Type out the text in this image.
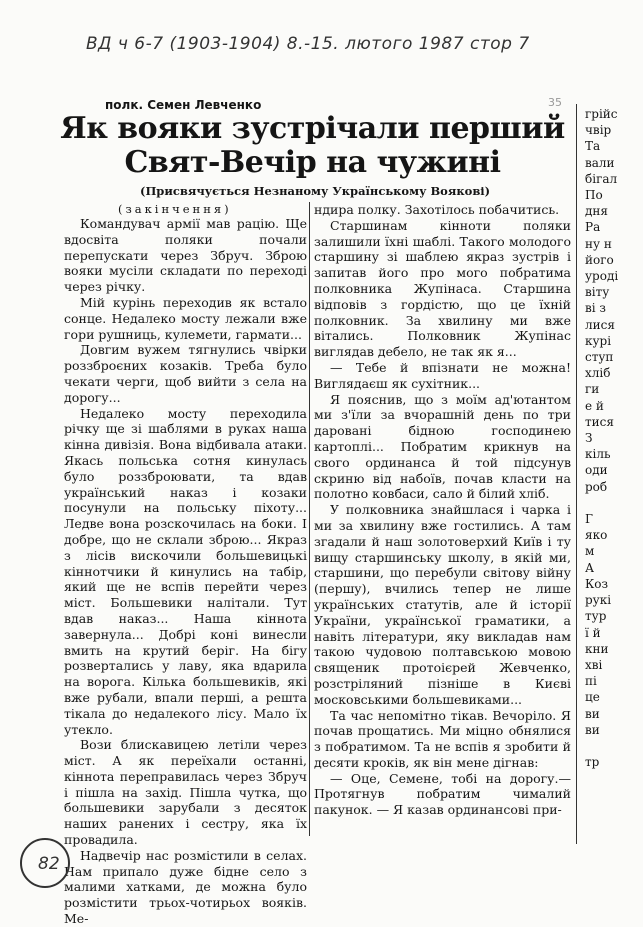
ВД ч 6-7 (1903-1904) 8.-15. лютого 1987 стор 7
35
полк. Семен Левченко
Як вояки зустрічали перший Свят-Вечір на чужині
(Присвячується Незнаному Українському Воякові)
(закінчення)

Командувач армії мав рацію. Ще вдосвіта поляки почали перепускати через Збруч. Зброю вояки мусіли складати по переході через річку.

Мій курінь переходив як встало сонце. Недалеко мосту лежали вже гори рушниць, кулемети, гармати...

Довгим вужем тягнулись чвірки роззброєних козаків. Треба було чекати черги, щоб вийти з села на дорогу...

Недалеко мосту переходила річку ще зі шаблями в руках наша кінна дивізія. Вона відбивала атаки. Якась польська сотня кинулась було роззброювати, та вдав український наказ і козаки посунули на польську піхоту... Ледве вона розскочилась на боки. І добре, що не склали зброю... Якраз з лісів вискочили большевицькі кіннотчики й кинулись на табір, який ще не вспів перейти через міст. Большевики налітали. Тут вдав наказ... Наша кіннота завернула... Добрі коні винесли вмить на крутий беріг. На бігу розвертались у лаву, яка вдарила на ворога. Кілька большевиків, які вже рубали, впали перші, а решта тікала до недалекого лісу. Мало їх утекло.

Вози блискавицею летіли через міст. А як переїхали останні, кіннота переправилась через Збруч і пішла на захід. Пішла чутка, що большевики зарубали з десяток наших ранених і сестру, яка їх провадила.

Надвечір нас розмістили в селах. Нам припало дуже бідне село з малими хатками, де можна було розмістити трьох-чотирьох вояків. Ме-

ндира полку. Захотілось побачитись.

Старшинам кінноти поляки залишили їхні шаблі. Такого молодого старшину зі шаблею якраз зустрів і запитав його про мого побратима полковника Жупінаса. Старшина відповів з гордістю, що це їхній полковник. За хвилину ми вже вітались. Полковник Жупінас виглядав дебело, не так як я...

— Тебе й впізнати не можна! Виглядаєш як сухітник...

Я пояснив, що з моїм ад'ютантом ми з'їли за вчорашній день по три даровані бідною господинею картоплі... Побратим крикнув на свого ординанса й той підсунув скриню від набоїв, почав класти на полотно ковбаси, сало й білий хліб.

У полковника знайшлася і чарка і ми за хвилину вже гостились. А там згадали й наш золотоверхий Київ і ту вищу старшинську школу, в якій ми, старшини, що перебули світову війну (першу), вчились тепер не лише українських статутів, але й історії України, української граматики, а навіть літератури, яку викладав нам такою чудовою полтавською мовою священик протоієрей Жевченко, розстріляний пізніше в Києві московськими большевиками...

Та час непомітно тікав. Вечоріло. Я почав прощатись. Ми міцно обнялися з побратимом. Та не вспів я зробити й десяти кроків, як він мене дігнав:

— Оце, Семене, тобі на дорогу.— Протягнув побратим чималий пакунок. — Я казав ординансові при-

грійс
чвір
Та
вали
бігал
По
дня
Ра
ну н
його
уроді
віту
ві з
лися
курі
ступ
хліб
ги
е й
тися
З
кіль
оди
роб

Г
яко
м
А
Коз
рукі
тур
ї й
кни
хві
пі
це
ви
ви

тр

82
